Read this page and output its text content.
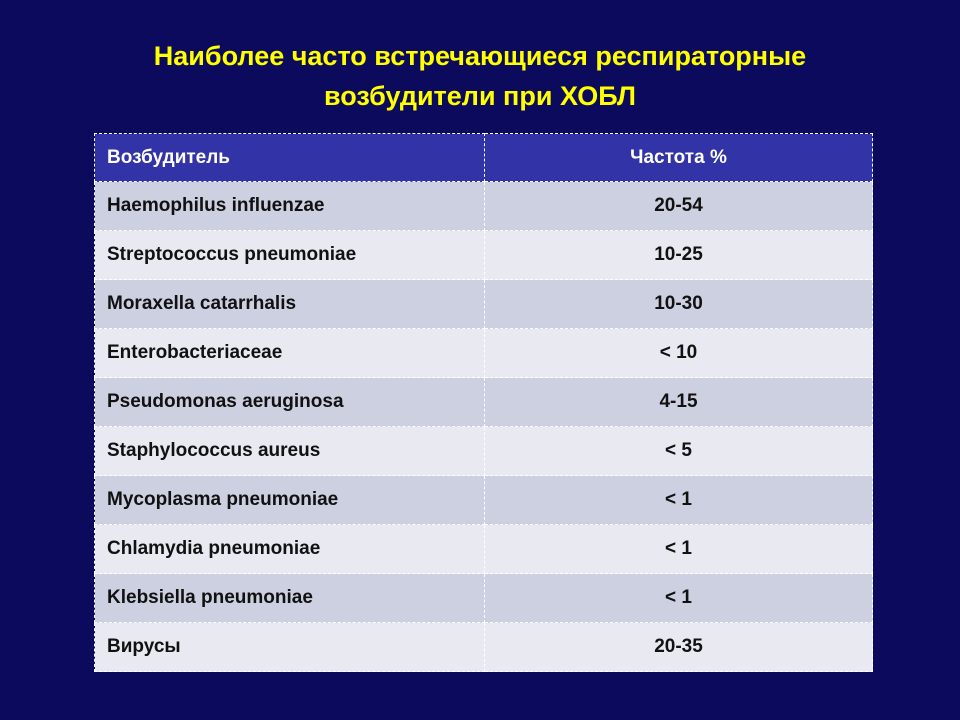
Наиболее часто встречающиеся респираторные
возбудители при ХОБЛ
Возбудитель	Частота %
Haemophilus influenzae	20-54
Streptococcus pneumoniae	10-25
Moraxella catarrhalis	10-30
Enterobacteriaceae	< 10
Pseudomonas aeruginosa	4-15
Staphylococcus aureus	< 5
Mycoplasma pneumoniae	< 1
Chlamydia pneumoniae	< 1
Klebsiella pneumoniae	< 1
Вирусы	20-35
